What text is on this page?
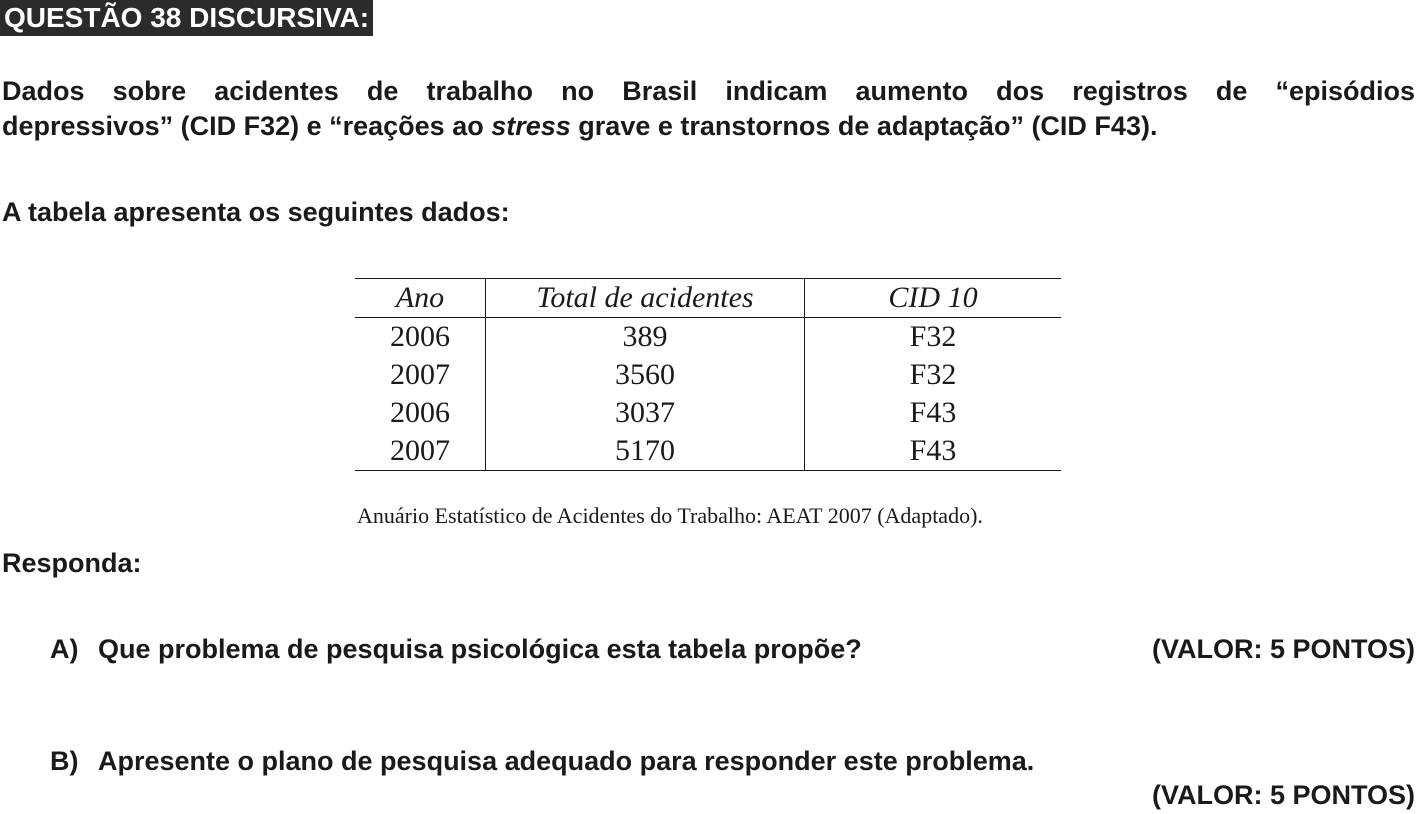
QUESTÃO 38 DISCURSIVA:
Dados sobre acidentes de trabalho no Brasil indicam aumento dos registros de “episódios
depressivos” (CID F32) e “reações ao stress grave e transtornos de adaptação” (CID F43).
A tabela apresenta os seguintes dados:
Ano	Total de acidentes	CID 10
2006	389	F32
2007	3560	F32
2006	3037	F43
2007	5170	F43
Anuário Estatístico de Acidentes do Trabalho: AEAT 2007 (Adaptado).
Responda:
A) Que problema de pesquisa psicológica esta tabela propõe?	(VALOR: 5 PONTOS)
B) Apresente o plano de pesquisa adequado para responder este problema.
(VALOR: 5 PONTOS)
